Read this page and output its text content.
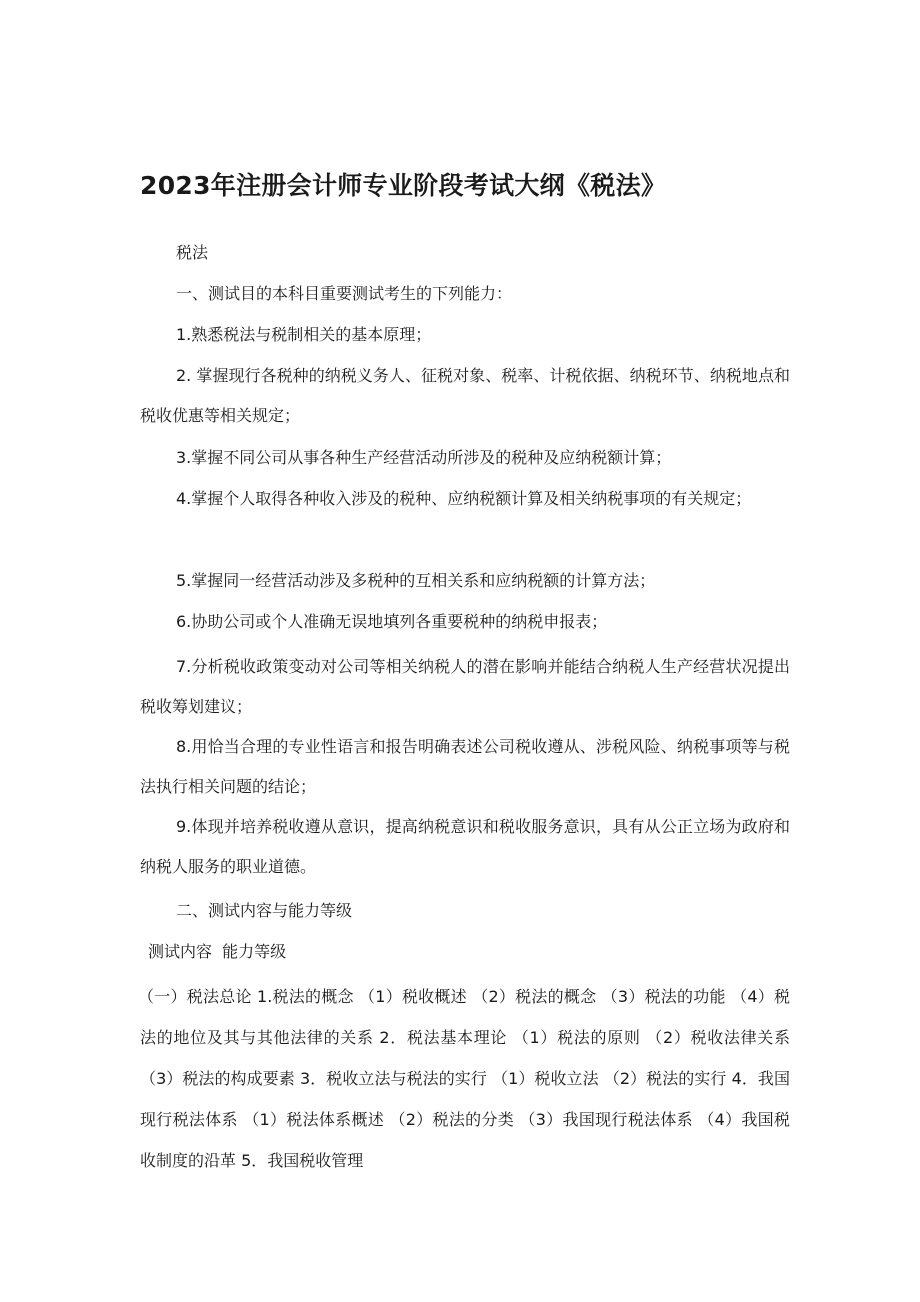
2023年注册会计师专业阶段考试大纲《税法》

税法

一、测试目的本科目重要测试考生的下列能力：

1.熟悉税法与税制相关的基本原理；

2. 掌握现行各税种的纳税义务人、征税对象、税率、计税依据、纳税环节、纳税地点和税收优惠等相关规定；

3.掌握不同公司从事各种生产经营活动所涉及的税种及应纳税额计算；

4.掌握个人取得各种收入涉及的税种、应纳税额计算及相关纳税事项的有关规定；

5.掌握同一经营活动涉及多税种的互相关系和应纳税额的计算方法；

6.协助公司或个人准确无误地填列各重要税种的纳税申报表；

7.分析税收政策变动对公司等相关纳税人的潜在影响并能结合纳税人生产经营状况提出税收筹划建议；

8.用恰当合理的专业性语言和报告明确表述公司税收遵从、涉税风险、纳税事项等与税法执行相关问题的结论；

9.体现并培养税收遵从意识，提高纳税意识和税收服务意识，具有从公正立场为政府和纳税人服务的职业道德。

二、测试内容与能力等级

测试内容  能力等级

（一）税法总论 1.税法的概念 （1）税收概述 （2）税法的概念 （3）税法的功能 （4）税法的地位及其与其他法律的关系 2．税法基本理论 （1）税法的原则 （2）税收法律关系 （3）税法的构成要素 3．税收立法与税法的实行 （1）税收立法 （2）税法的实行 4．我国现行税法体系 （1）税法体系概述 （2）税法的分类 （3）我国现行税法体系 （4）我国税收制度的沿革 5．我国税收管理
